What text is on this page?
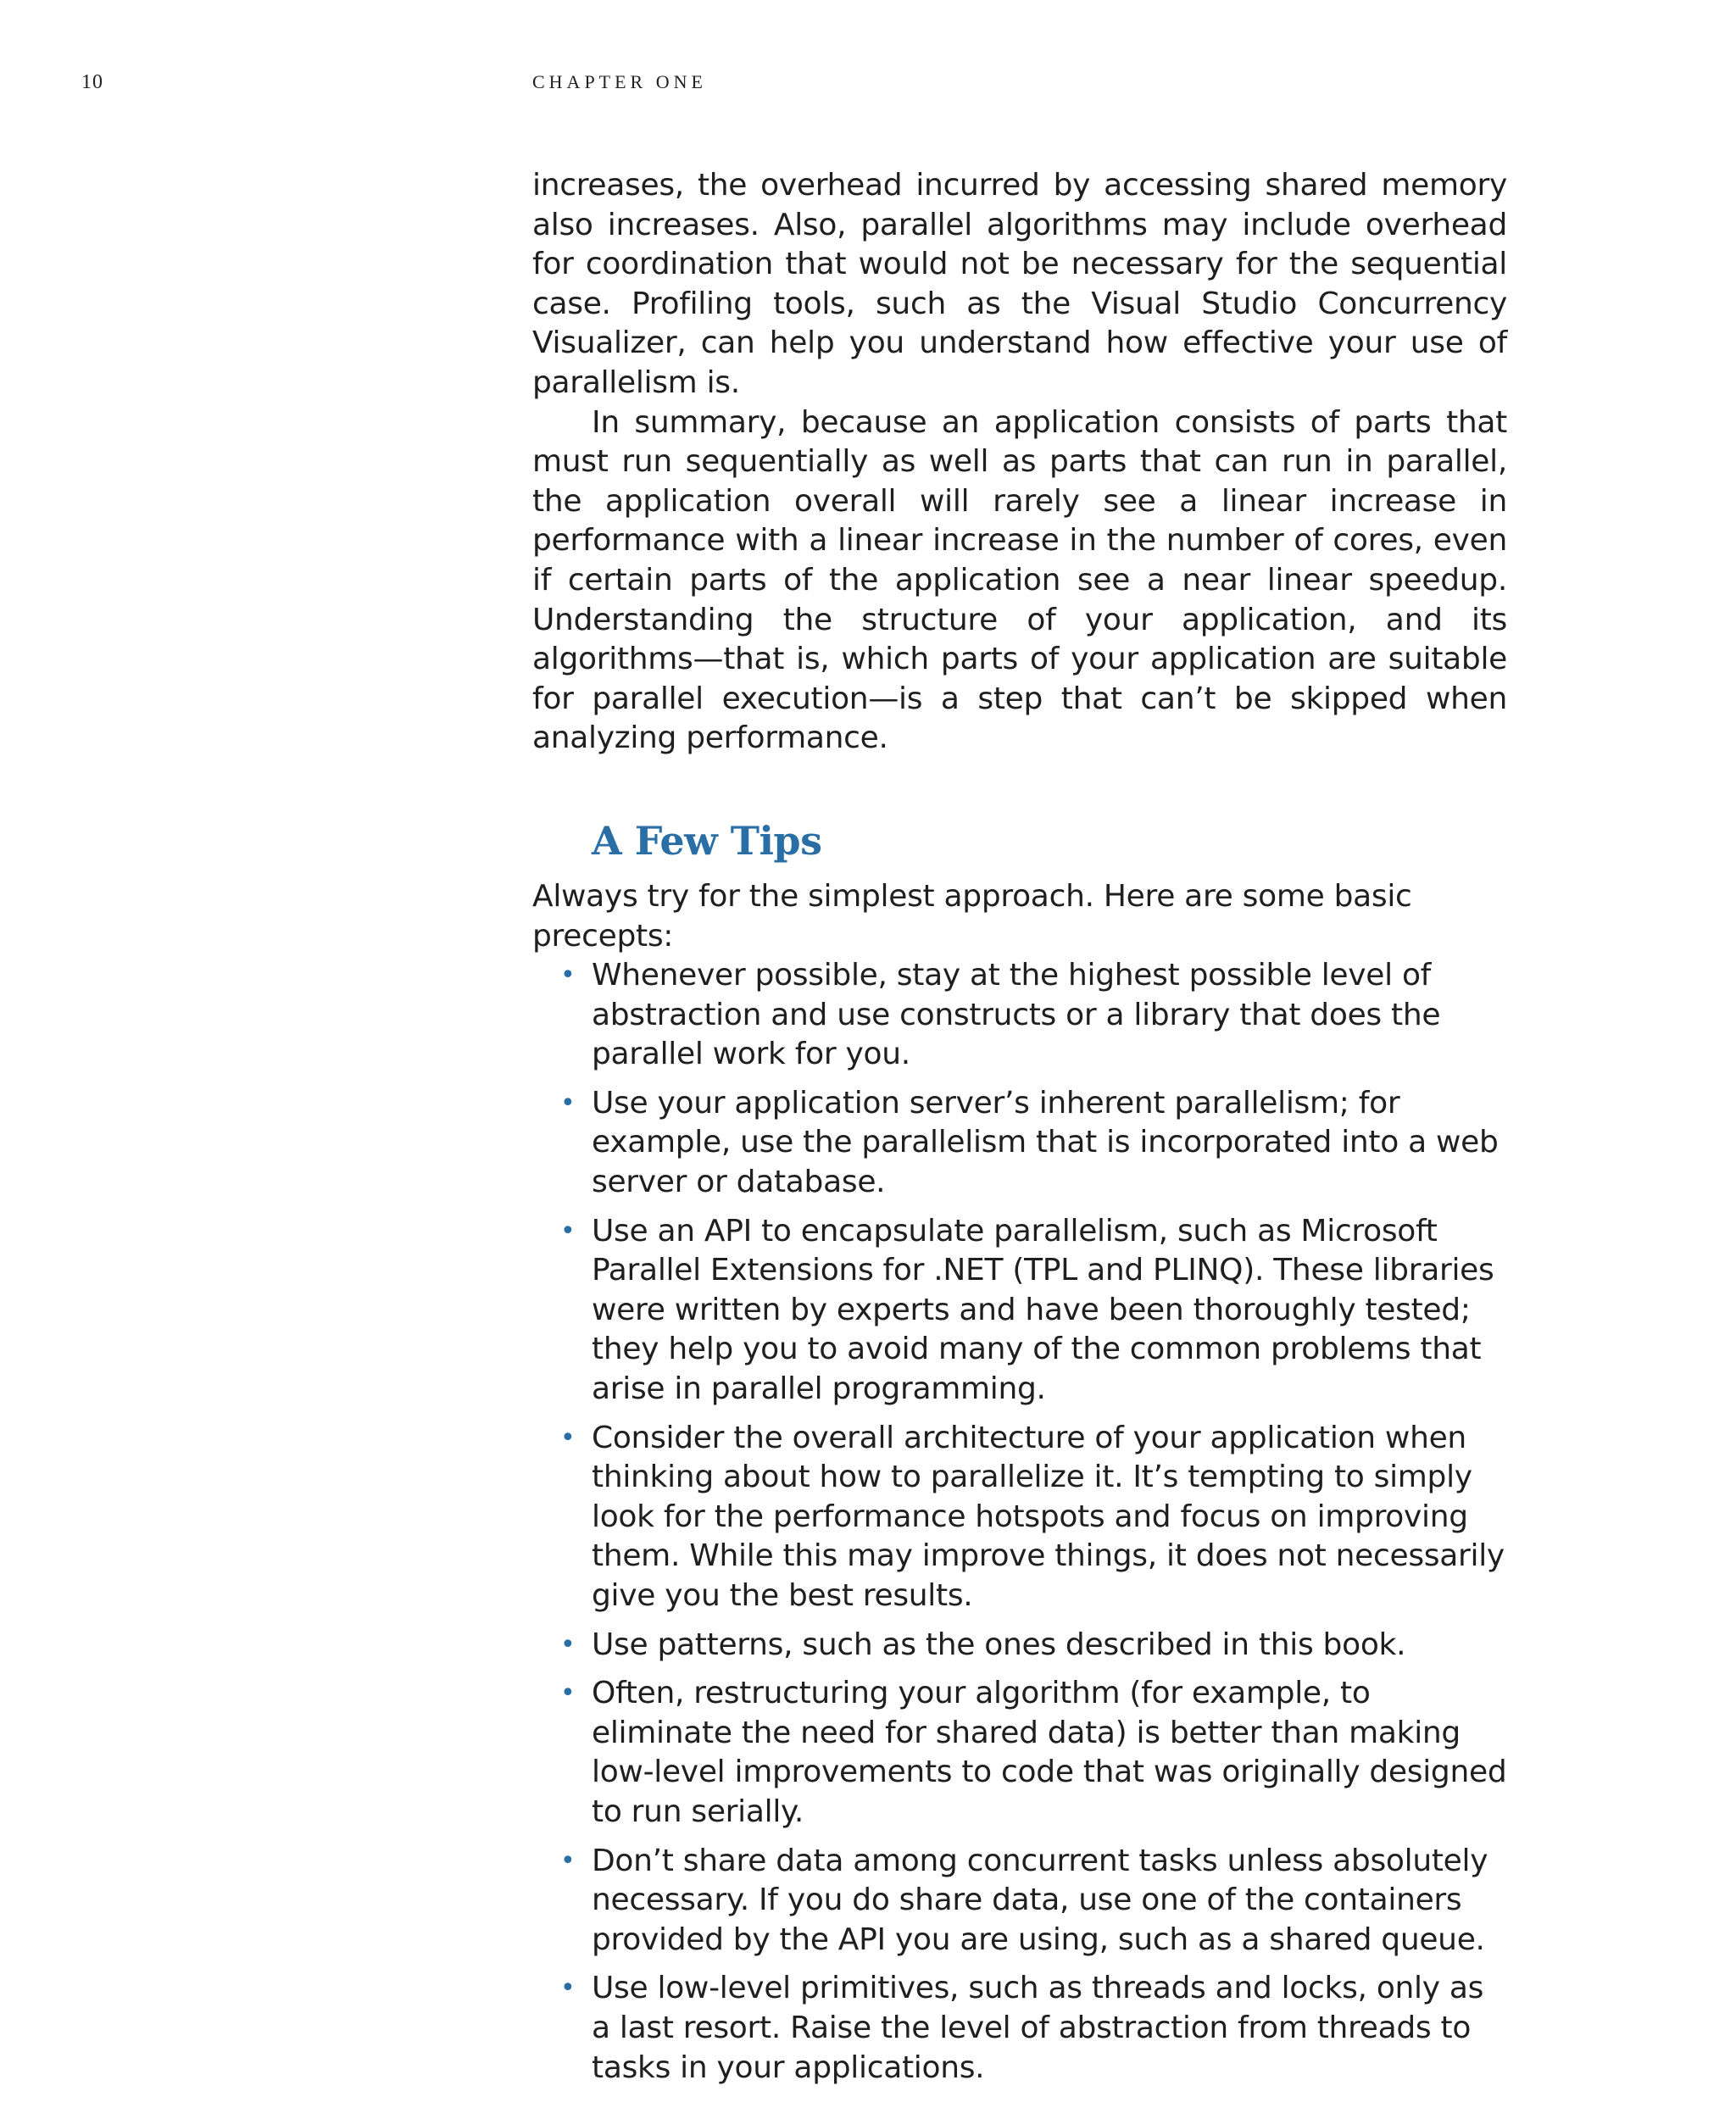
10	CHAPTER ONE

increases, the overhead incurred by accessing shared memory also increases. Also, parallel algorithms may include overhead for coordination that would not be necessary for the sequential case. Profiling tools, such as the Visual Studio Concurrency Visualizer, can help you understand how effective your use of parallelism is.

In summary, because an application consists of parts that must run sequentially as well as parts that can run in parallel, the application overall will rarely see a linear increase in performance with a linear increase in the number of cores, even if certain parts of the application see a near linear speedup. Understanding the structure of your application, and its algorithms—that is, which parts of your application are suitable for parallel execution—is a step that can’t be skipped when analyzing performance.

A Few Tips

Always try for the simplest approach. Here are some basic precepts:

• Whenever possible, stay at the highest possible level of abstraction and use constructs or a library that does the parallel work for you.
• Use your application server’s inherent parallelism; for example, use the parallelism that is incorporated into a web server or database.
• Use an API to encapsulate parallelism, such as Microsoft Parallel Extensions for .NET (TPL and PLINQ). These libraries were written by experts and have been thoroughly tested; they help you to avoid many of the common problems that arise in parallel programming.
• Consider the overall architecture of your application when thinking about how to parallelize it. It’s tempting to simply look for the performance hotspots and focus on improving them. While this may improve things, it does not necessarily give you the best results.
• Use patterns, such as the ones described in this book.
• Often, restructuring your algorithm (for example, to eliminate the need for shared data) is better than making low-level improvements to code that was originally designed to run serially.
• Don’t share data among concurrent tasks unless absolutely necessary. If you do share data, use one of the containers provided by the API you are using, such as a shared queue.
• Use low-level primitives, such as threads and locks, only as a last resort. Raise the level of abstraction from threads to tasks in your applications.
